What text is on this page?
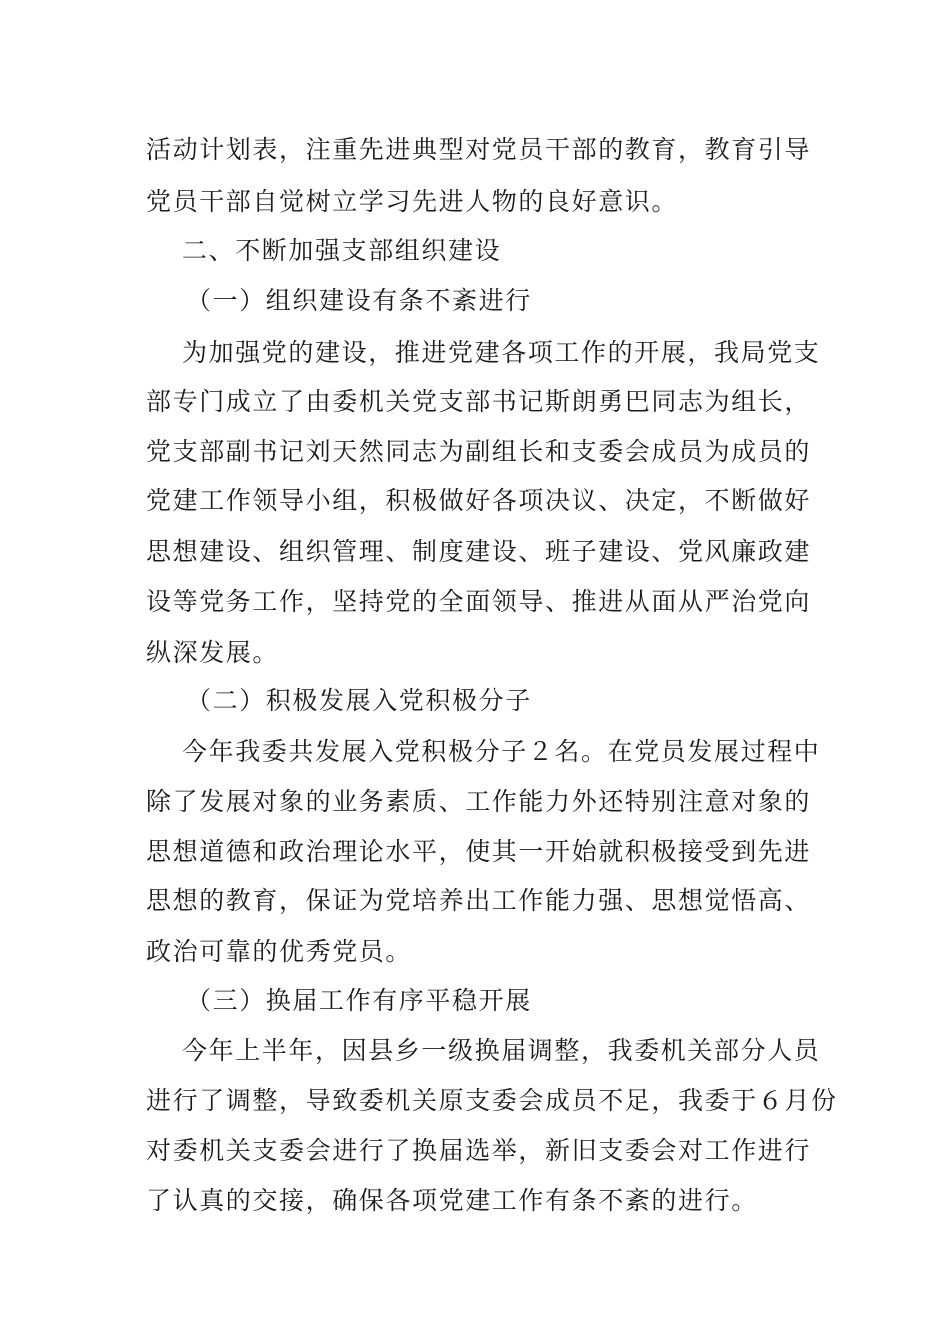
活动计划表，注重先进典型对党员干部的教育，教育引导
党员干部自觉树立学习先进人物的良好意识。
二、不断加强支部组织建设
（一）组织建设有条不紊进行
为加强党的建设，推进党建各项工作的开展，我局党支
部专门成立了由委机关党支部书记斯朗勇巴同志为组长，
党支部副书记刘天然同志为副组长和支委会成员为成员的
党建工作领导小组，积极做好各项决议、决定，不断做好
思想建设、组织管理、制度建设、班子建设、党风廉政建
设等党务工作，坚持党的全面领导、推进从面从严治党向
纵深发展。
（二）积极发展入党积极分子
今年我委共发展入党积极分子２名。在党员发展过程中
除了发展对象的业务素质、工作能力外还特别注意对象的
思想道德和政治理论水平，使其一开始就积极接受到先进
思想的教育，保证为党培养出工作能力强、思想觉悟高、
政治可靠的优秀党员。
（三）换届工作有序平稳开展
今年上半年，因县乡一级换届调整，我委机关部分人员
进行了调整，导致委机关原支委会成员不足，我委于６月份
对委机关支委会进行了换届选举，新旧支委会对工作进行
了认真的交接，确保各项党建工作有条不紊的进行。
